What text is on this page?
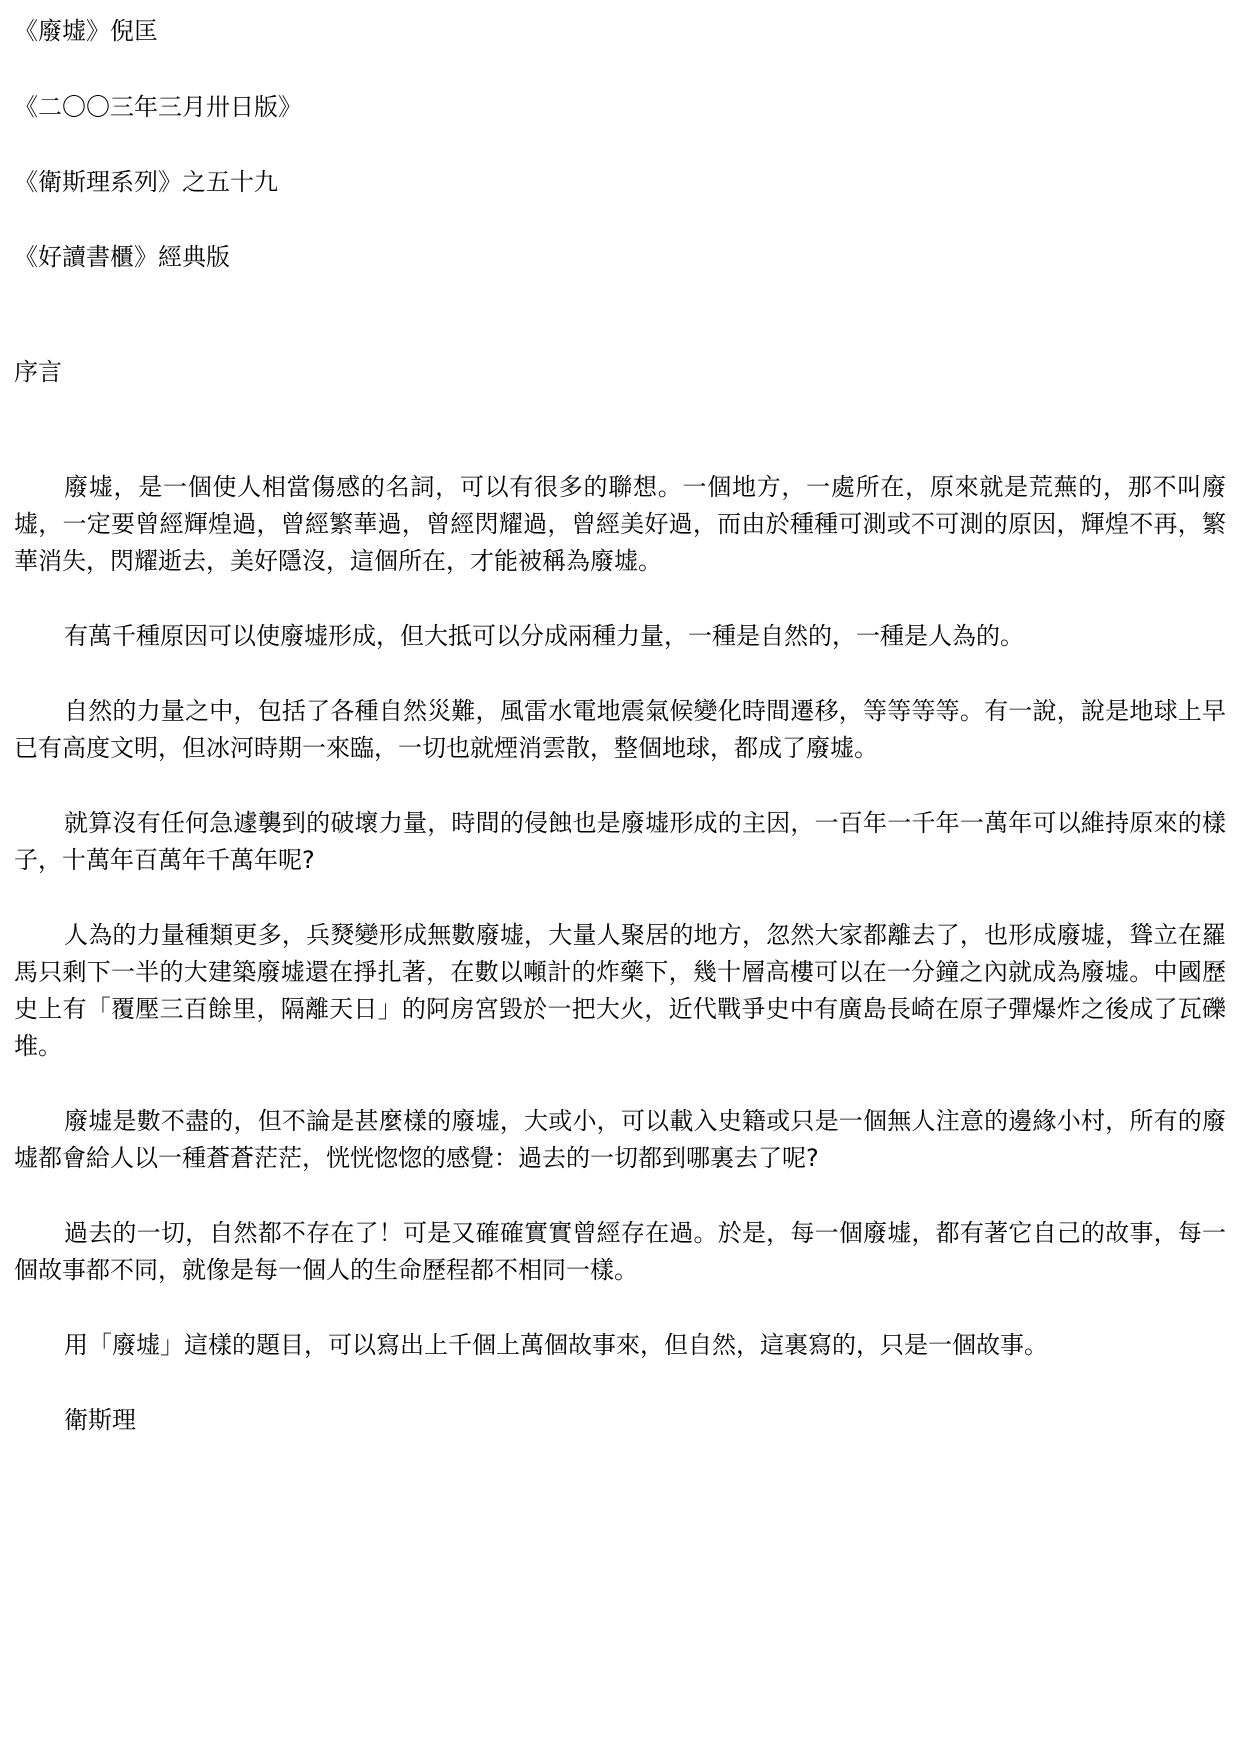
《廢墟》倪匡

《二〇〇三年三月卅日版》

《衛斯理系列》之五十九

《好讀書櫃》經典版

序言

廢墟，是一個使人相當傷感的名詞，可以有很多的聯想。一個地方，一處所在，原來就是荒蕪的，那不叫廢墟，一定要曾經輝煌過，曾經繁華過，曾經閃耀過，曾經美好過，而由於種種可測或不可測的原因，輝煌不再，繁華消失，閃耀逝去，美好隱沒，這個所在，才能被稱為廢墟。

有萬千種原因可以使廢墟形成，但大抵可以分成兩種力量，一種是自然的，一種是人為的。

自然的力量之中，包括了各種自然災難，風雷水電地震氣候變化時間遷移，等等等等。有一說，說是地球上早已有高度文明，但冰河時期一來臨，一切也就煙消雲散，整個地球，都成了廢墟。

就算沒有任何急遽襲到的破壞力量，時間的侵蝕也是廢墟形成的主因，一百年一千年一萬年可以維持原來的樣子，十萬年百萬年千萬年呢?

人為的力量種類更多，兵燹變形成無數廢墟，大量人聚居的地方，忽然大家都離去了，也形成廢墟，聳立在羅馬只剩下一半的大建築廢墟還在掙扎著，在數以噸計的炸藥下，幾十層高樓可以在一分鐘之內就成為廢墟。中國歷史上有「覆壓三百餘里，隔離天日」的阿房宮毀於一把大火，近代戰爭史中有廣島長崎在原子彈爆炸之後成了瓦礫堆。

廢墟是數不盡的，但不論是甚麼樣的廢墟，大或小，可以載入史籍或只是一個無人注意的邊緣小村，所有的廢墟都會給人以一種蒼蒼茫茫，恍恍惚惚的感覺：過去的一切都到哪裏去了呢?

過去的一切，自然都不存在了！可是又確確實實曾經存在過。於是，每一個廢墟，都有著它自己的故事，每一個故事都不同，就像是每一個人的生命歷程都不相同一樣。

用「廢墟」這樣的題目，可以寫出上千個上萬個故事來，但自然，這裏寫的，只是一個故事。

衛斯理
